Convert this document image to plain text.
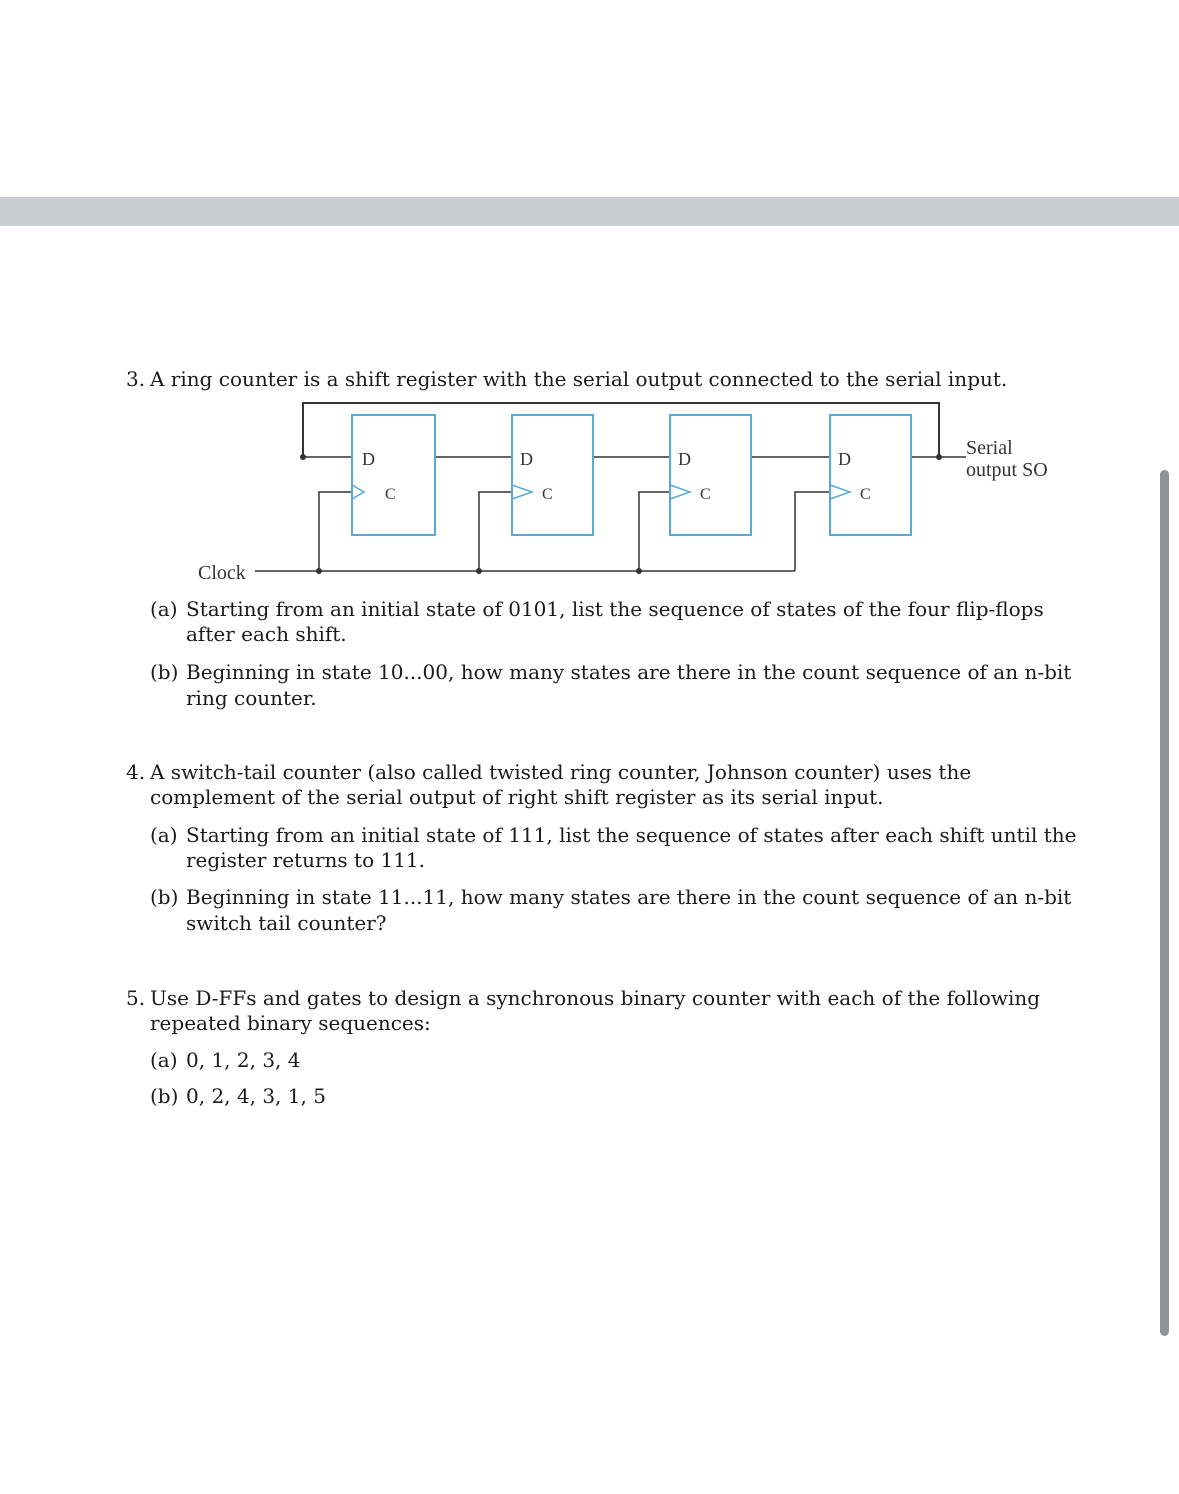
3. A ring counter is a shift register with the serial output connected to the serial input.
D
C
D
C
D
C
D
C
Serial
output SO
Clock
(a) Starting from an initial state of 0101, list the sequence of states of the four flip-flops
after each shift.
(b) Beginning in state 10...00, how many states are there in the count sequence of an n-bit
ring counter.
4. A switch-tail counter (also called twisted ring counter, Johnson counter) uses the
complement of the serial output of right shift register as its serial input.
(a) Starting from an initial state of 111, list the sequence of states after each shift until the
register returns to 111.
(b) Beginning in state 11...11, how many states are there in the count sequence of an n-bit
switch tail counter?
5. Use D-FFs and gates to design a synchronous binary counter with each of the following
repeated binary sequences:
(a) 0, 1, 2, 3, 4
(b) 0, 2, 4, 3, 1, 5
